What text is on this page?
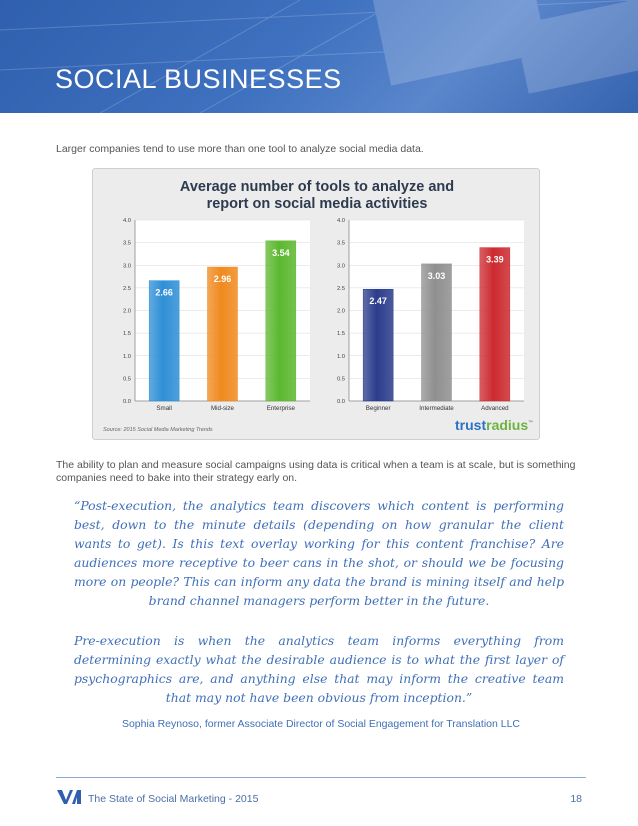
SOCIAL BUSINESSES
Larger companies tend to use more than one tool to analyze social media data.
Average number of tools to analyze and
report on social media activities
0.0
0.5
1.0
1.5
2.0
2.5
3.0
3.5
4.0
2.66
Small
2.96
Mid-size
3.54
Enterprise
0.0
0.5
1.0
1.5
2.0
2.5
3.0
3.5
4.0
2.47
Beginner
3.03
Intermediate
3.39
Advanced
Source: 2015 Social Media Marketing Trends	trustradius™
The ability to plan and measure social campaigns using data is critical when a team is at scale, but is something companies need to bake into their strategy early on.
“Post-execution, the analytics team discovers which content is performing best, down to the minute details (depending on how granular the client wants to get). Is this text overlay working for this content franchise? Are audiences more receptive to beer cans in the shot, or should we be focusing more on people? This can inform any data the brand is mining itself and help brand channel managers perform better in the future.
Pre-execution is when the analytics team informs everything from determining exactly what the desirable audience is to what the first layer of psychographics are, and anything else that may inform the creative team that may not have been obvious from inception.”
Sophia Reynoso, former Associate Director of Social Engagement for Translation LLC
The State of Social Marketing - 2015	18
